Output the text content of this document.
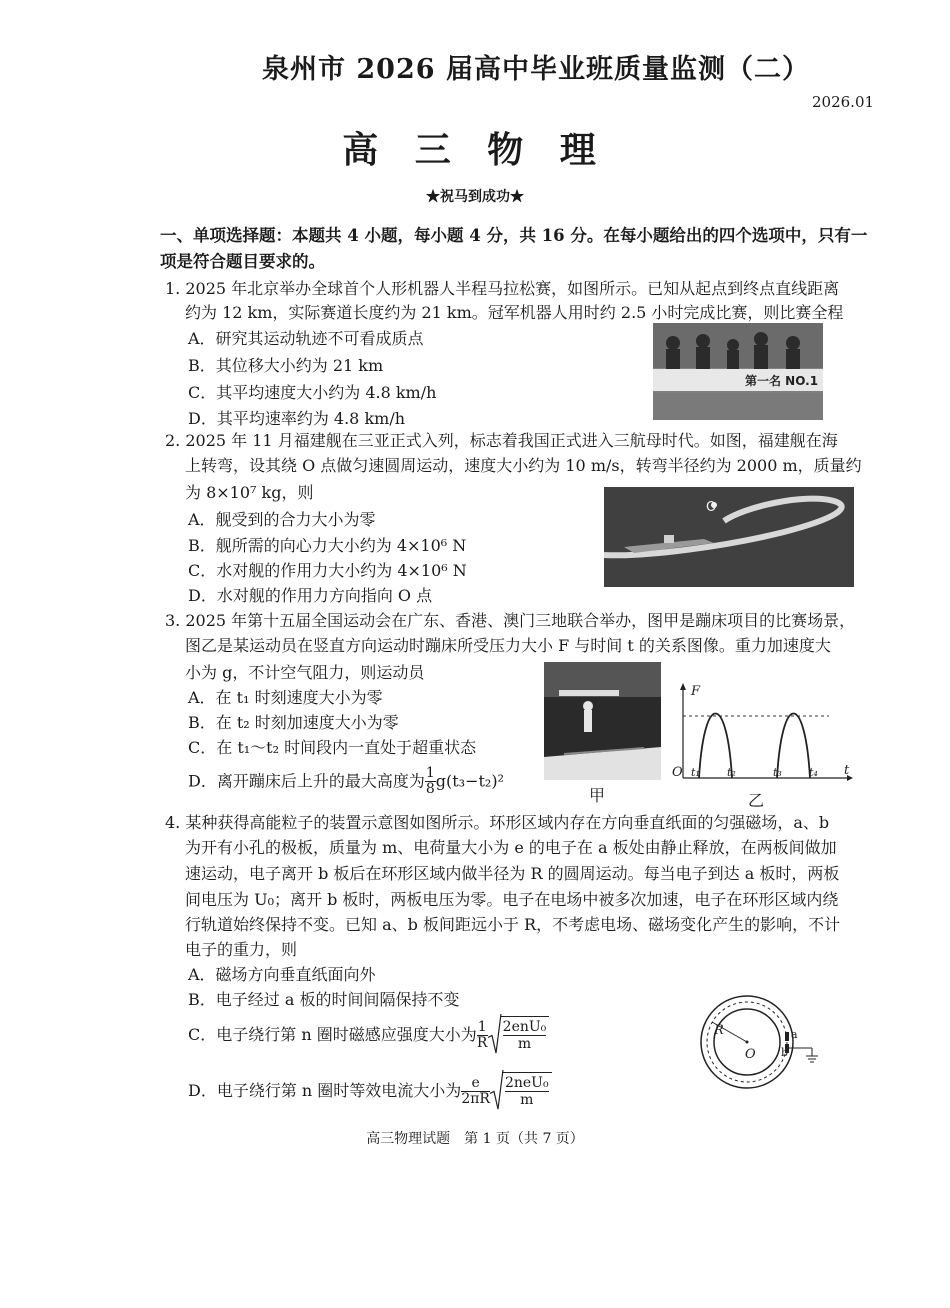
泉州市 2026 届高中毕业班质量监测（二）
2026.01
高 三 物 理
★祝马到成功★
一、单项选择题：本题共 4 小题，每小题 4 分，共 16 分。在每小题给出的四个选项中，只有一项是符合题目要求的。
1. 2025 年北京举办全球首个人形机器人半程马拉松赛，如图所示。已知从起点到终点直线距离
约为 12 km，实际赛道长度约为 21 km。冠军机器人用时约 2.5 小时完成比赛，则比赛全程
A．研究其运动轨迹不可看成质点
B．其位移大小约为 21 km
C．其平均速度大小约为 4.8 km/h
D．其平均速率约为 4.8 km/h
第一名 NO.1
2. 2025 年 11 月福建舰在三亚正式入列，标志着我国正式进入三航母时代。如图，福建舰在海
上转弯，设其绕 O 点做匀速圆周运动，速度大小约为 10 m/s，转弯半径约为 2000 m，质量约
为 8×10⁷ kg，则
A．舰受到的合力大小为零
B．舰所需的向心力大小约为 4×10⁶ N
C．水对舰的作用力大小约为 4×10⁶ N
D．水对舰的作用力方向指向 O 点
O
3. 2025 年第十五届全国运动会在广东、香港、澳门三地联合举办，图甲是蹦床项目的比赛场景，
图乙是某运动员在竖直方向运动时蹦床所受压力大小 F 与时间 t 的关系图像。重力加速度大
小为 g，不计空气阻力，则运动员
A．在 t₁ 时刻速度大小为零
B．在 t₂ 时刻加速度大小为零
C．在 t₁～t₂ 时间段内一直处于超重状态
D．离开蹦床后上升的最大高度为 $\frac{1}{8} g(t_3-t_2)^2$
甲
F
t
O t₁ t₂	t₃ t₄
乙
4. 某种获得高能粒子的装置示意图如图所示。环形区域内存在方向垂直纸面的匀强磁场，a、b
为开有小孔的极板，质量为 m、电荷量大小为 e 的电子在 a 板处由静止释放，在两板间做加
速运动，电子离开 b 板后在环形区域内做半径为 R 的圆周运动。每当电子到达 a 板时，两板
间电压为 U₀；离开 b 板时，两板电压为零。电子在电场中被多次加速，电子在环形区域内绕
行轨道始终保持不变。已知 a、b 板间距远小于 R，不考虑电场、磁场变化产生的影响，不计
电子的重力，则
A．磁场方向垂直纸面向外
B．电子经过 a 板的时间间隔保持不变
C．电子绕行第 n 圈时磁感应强度大小为 $\frac{1}{R} 2enU_0$
m
D．电子绕行第 n 圈时等效电流大小为 $\frac{e}{2\pi R} 2neU_0$
m
R
O
a
b
高三物理试题　第 1 页（共 7 页）
